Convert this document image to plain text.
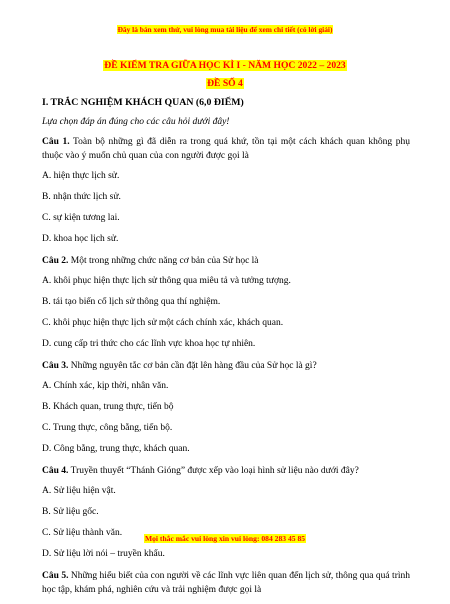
Đây là bản xem thử, vui lòng mua tài liệu để xem chi tiết (có lời giải)
ĐỀ KIỂM TRA GIỮA HỌC KÌ I - NĂM HỌC 2022 – 2023
ĐỀ SỐ 4
I. TRẮC NGHIỆM KHÁCH QUAN (6,0 ĐIỂM)
Lựa chọn đáp án đúng cho các câu hỏi dưới đây!
Câu 1. Toàn bộ những gì đã diễn ra trong quá khứ, tồn tại một cách khách quan không phụ thuộc vào ý muốn chủ quan của con người được gọi là
A. hiện thực lịch sử.
B. nhận thức lịch sử.
C. sự kiện tương lai.
D. khoa học lịch sử.
Câu 2. Một trong những chức năng cơ bản của Sử học là
A. khôi phục hiện thực lịch sử thông qua miêu tả và tưởng tượng.
B. tái tạo biến cố lịch sử thông qua thí nghiệm.
C. khôi phục hiện thực lịch sử một cách chính xác, khách quan.
D. cung cấp tri thức cho các lĩnh vực khoa học tự nhiên.
Câu 3. Những nguyên tắc cơ bản cần đặt lên hàng đầu của Sử học là gì?
A. Chính xác, kịp thời, nhân văn.
B. Khách quan, trung thực, tiến bộ
C. Trung thực, công bằng, tiến bộ.
D. Công bằng, trung thực, khách quan.
Câu 4. Truyền thuyết “Thánh Gióng” được xếp vào loại hình sử liệu nào dưới đây?
A. Sử liệu hiện vật.
B. Sử liệu gốc.
C. Sử liệu thành văn.
D. Sử liệu lời nói – truyền khẩu.
Câu 5. Những hiểu biết của con người về các lĩnh vực liên quan đến lịch sử, thông qua quá trình học tập, khám phá, nghiên cứu và trải nghiệm được gọi là
Mọi thắc mắc vui lòng xin vui lòng: 084 283 45 85
